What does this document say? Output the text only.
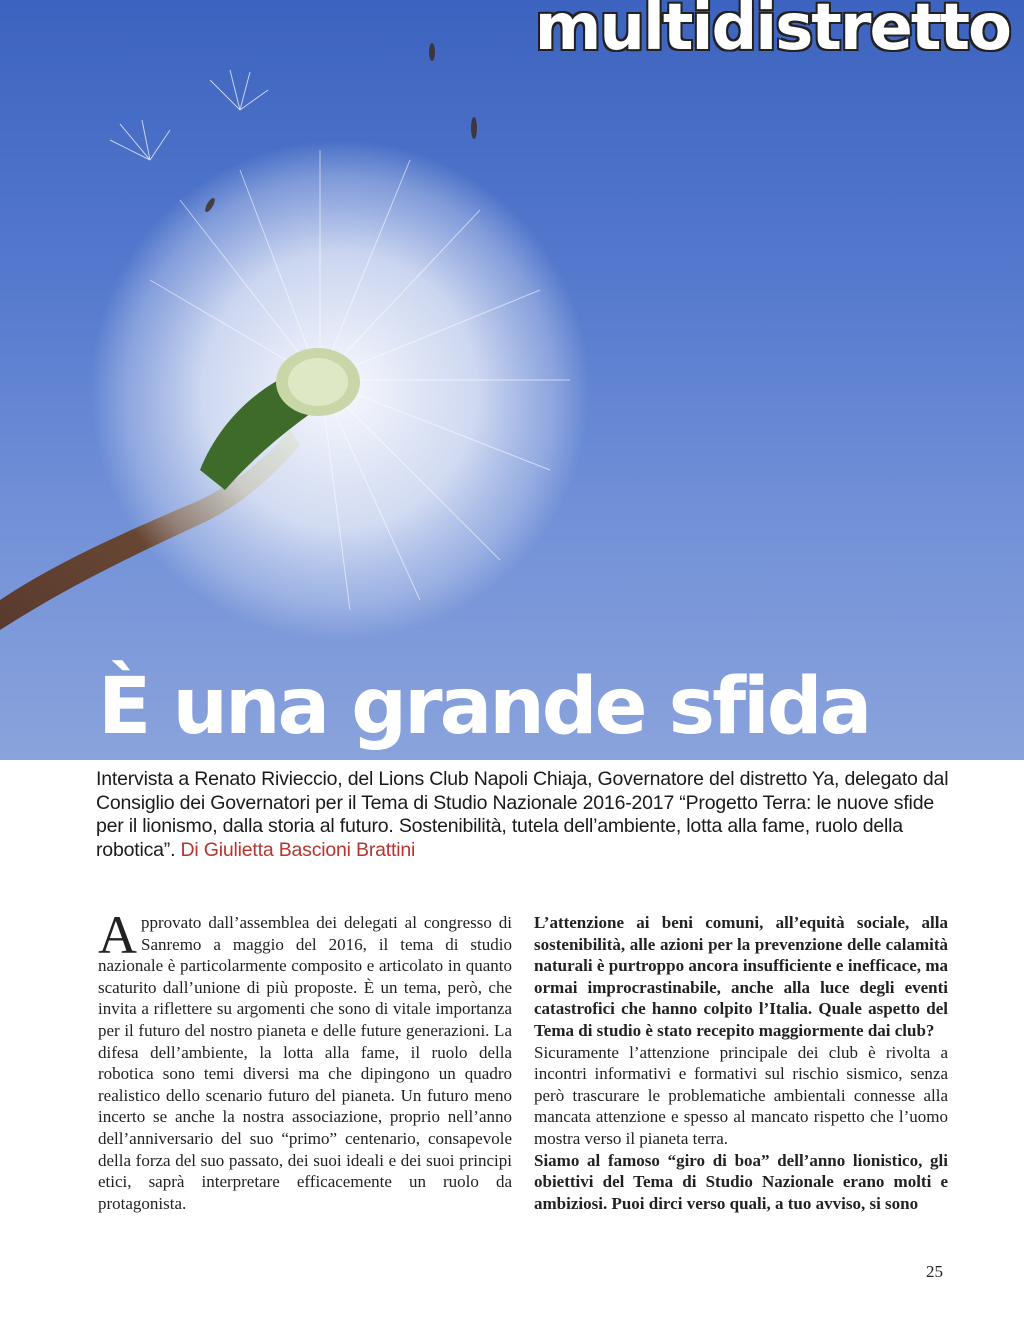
multidistretto
È una grande sfida

Intervista a Renato Rivieccio, del Lions Club Napoli Chiaja, Governatore del distretto Ya, delegato dal Consiglio dei Governatori per il Tema di Studio Nazionale 2016-2017 “Progetto Terra: le nuove sfide per il lionismo, dalla storia al futuro. Sostenibilità, tutela dell’ambiente, lotta alla fame, ruolo della robotica”. Di Giulietta Bascioni Brattini

Approvato dall’assemblea dei delegati al congresso di Sanremo a maggio del 2016, il tema di studio nazionale è particolarmente composito e articolato in quanto scaturito dall’unione di più proposte. È un tema, però, che invita a riflettere su argomenti che sono di vitale importanza per il futuro del nostro pianeta e delle future generazioni. La difesa dell’ambiente, la lotta alla fame, il ruolo della robotica sono temi diversi ma che dipingono un quadro realistico dello scenario futuro del pianeta. Un futuro meno incerto se anche la nostra associazione, proprio nell’anno dell’anniversario del suo “primo” centenario, consapevole della forza del suo passato, dei suoi ideali e dei suoi principi etici, saprà interpretare efficacemente un ruolo da protagonista.

L’attenzione ai beni comuni, all’equità sociale, alla sostenibilità, alle azioni per la prevenzione delle calamità naturali è purtroppo ancora insufficiente e inefficace, ma ormai improcrastinabile, anche alla luce degli eventi catastrofici che hanno colpito l’Italia. Quale aspetto del Tema di studio è stato recepito maggiormente dai club?

Sicuramente l’attenzione principale dei club è rivolta a incontri informativi e formativi sul rischio sismico, senza però trascurare le problematiche ambientali connesse alla mancata attenzione e spesso al mancato rispetto che l’uomo mostra verso il pianeta terra.

Siamo al famoso “giro di boa” dell’anno lionistico, gli obiettivi del Tema di Studio Nazionale erano molti e ambiziosi. Puoi dirci verso quali, a tuo avviso, si sono

25
